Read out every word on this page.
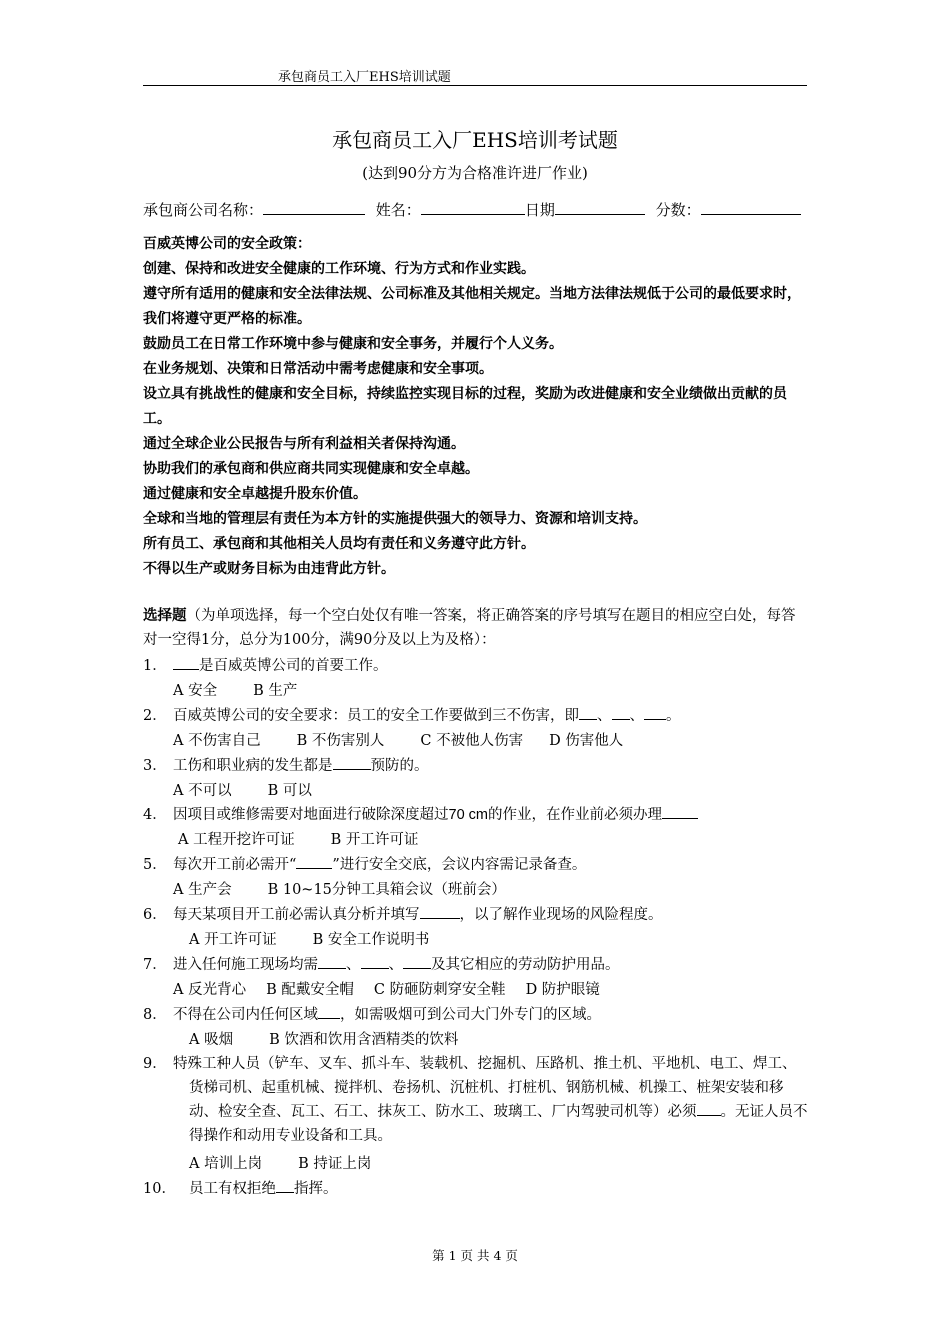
承包商员工入厂EHS培训试题
承包商员工入厂EHS培训考试题
(达到90分方为合格准许进厂作业)
承包商公司名称：	姓名：	日期	分数：

百威英博公司的安全政策：

创建、保持和改进安全健康的工作环境、行为方式和作业实践。

遵守所有适用的健康和安全法律法规、公司标准及其他相关规定。当地方法律法规低于公司的最低要求时，我们将遵守更严格的标准。

鼓励员工在日常工作环境中参与健康和安全事务，并履行个人义务。

在业务规划、决策和日常活动中需考虑健康和安全事项。

设立具有挑战性的健康和安全目标，持续监控实现目标的过程，奖励为改进健康和安全业绩做出贡献的员工。

通过全球企业公民报告与所有利益相关者保持沟通。

协助我们的承包商和供应商共同实现健康和安全卓越。

通过健康和安全卓越提升股东价值。

全球和当地的管理层有责任为本方针的实施提供强大的领导力、资源和培训支持。

所有员工、承包商和其他相关人员均有责任和义务遵守此方针。

不得以生产或财务目标为由违背此方针。

选择题（为单项选择，每一个空白处仅有唯一答案，将正确答案的序号填写在题目的相应空白处，每答对一空得1分，总分为100分，满90分及以上为及格）：
1． 是百威英博公司的首要工作。
A 安全 B 生产
2． 百威英博公司的安全要求：员工的安全工作要做到三不伤害，即 、 、 。
A 不伤害自己 B 不伤害别人 C 不被他人伤害 D 伤害他人
3． 工伤和职业病的发生都是	预防的。
A 不可以 B 可以
4． 因项目或维修需要对地面进行破除深度超过70 cm的作业，在作业前必须办理
A 工程开挖许可证 B 开工许可证
5． 每次开工前必需开“ ”进行安全交底，会议内容需记录备查。
A 生产会 B 10~15分钟工具箱会议（班前会）
6． 每天某项目开工前必需认真分析并填写	，以了解作业现场的风险程度。
A 开工许可证 B 安全工作说明书
7． 进入任何施工现场均需 、 、 及其它相应的劳动防护用品。
A 反光背心 B 配戴安全帽 C 防砸防刺穿安全鞋 D 防护眼镜
8． 不得在公司内任何区域 ，如需吸烟可到公司大门外专门的区域。
A 吸烟 B 饮酒和饮用含酒精类的饮料
9． 特殊工种人员（铲车、叉车、抓斗车、装载机、挖掘机、压路机、推土机、平地机、电工、焊工、货梯司机、起重机械、搅拌机、卷扬机、沉桩机、打桩机、钢筋机械、机操工、桩架安装和移动、检安全查、瓦工、石工、抹灰工、防水工、玻璃工、厂内驾驶司机等）必须 。无证人员不得操作和动用专业设备和工具。
A 培训上岗 B 持证上岗
10． 员工有权拒绝 指挥。
第 1 页 共 4 页
